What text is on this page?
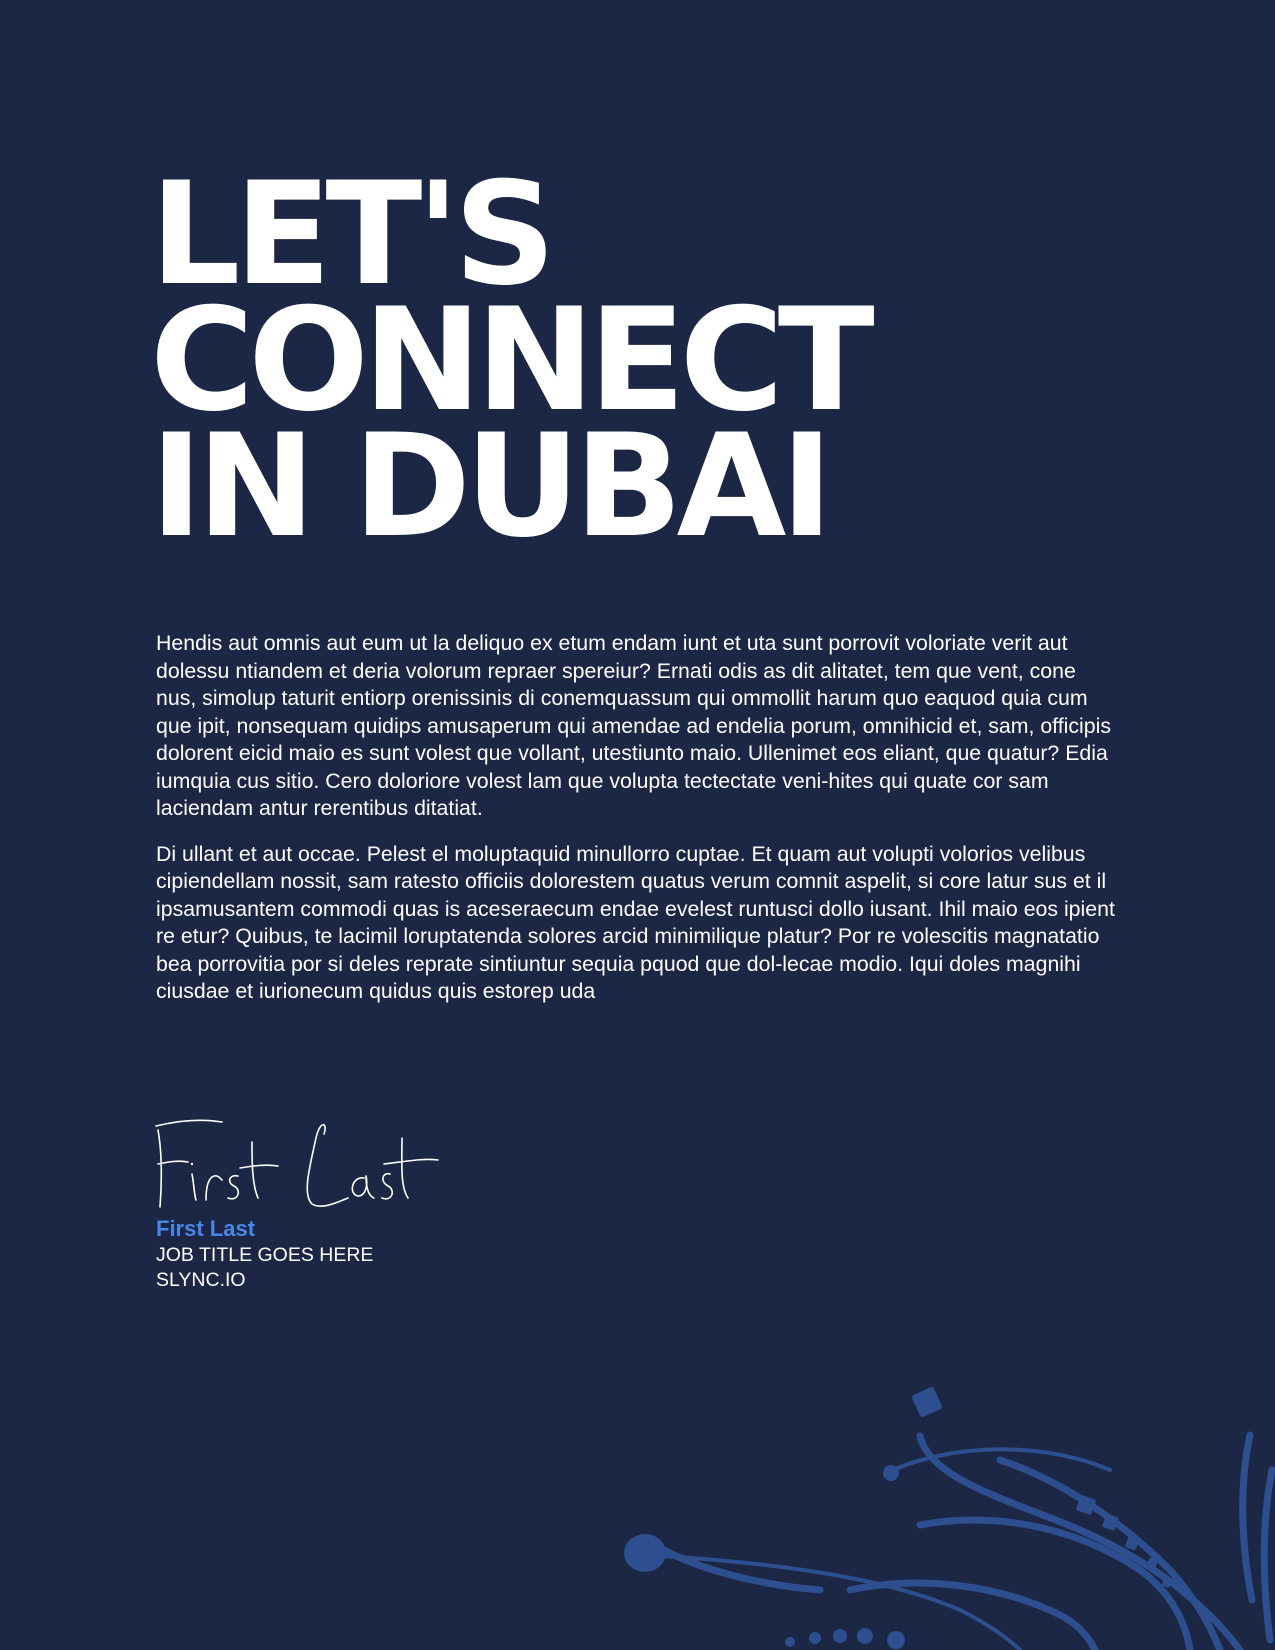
LET'S
CONNECT
IN DUBAI

Hendis aut omnis aut eum ut la deliquo ex etum endam iunt et uta sunt porrovit voloriate verit aut dolessu ntiandem et deria volorum repraer spereiur? Ernati odis as dit alitatet, tem que vent, cone nus, simolup taturit entiorp orenissinis di conemquassum qui ommollit harum quo eaquod quia cum que ipit, nonsequam quidips amusaperum qui amendae ad endelia porum, omnihicid et, sam, officipis dolorent eicid maio es sunt volest que vollant, utestiunto maio. Ullenimet eos eliant, que quatur? Edia iumquia cus sitio. Cero doloriore volest lam que volupta tectectate veni-hites qui quate cor sam laciendam antur rerentibus ditatiat.

Di ullant et aut occae. Pelest el moluptaquid minullorro cuptae. Et quam aut volupti volorios velibus cipiendellam nossit, sam ratesto officiis dolorestem quatus verum comnit aspelit, si core latur sus et il ipsamusantem commodi quas is aceseraecum endae evelest runtusci dollo iusant. Ihil maio eos ipient re etur? Quibus, te lacimil loruptatenda solores arcid minimilique platur? Por re volescitis magnatatio bea porrovitia por si deles reprate sintiuntur sequia pquod que dol-lecae modio. Iqui doles magnihi ciusdae et iurionecum quidus quis estorep uda

First Last

JOB TITLE GOES HERE

SLYNC.IO
